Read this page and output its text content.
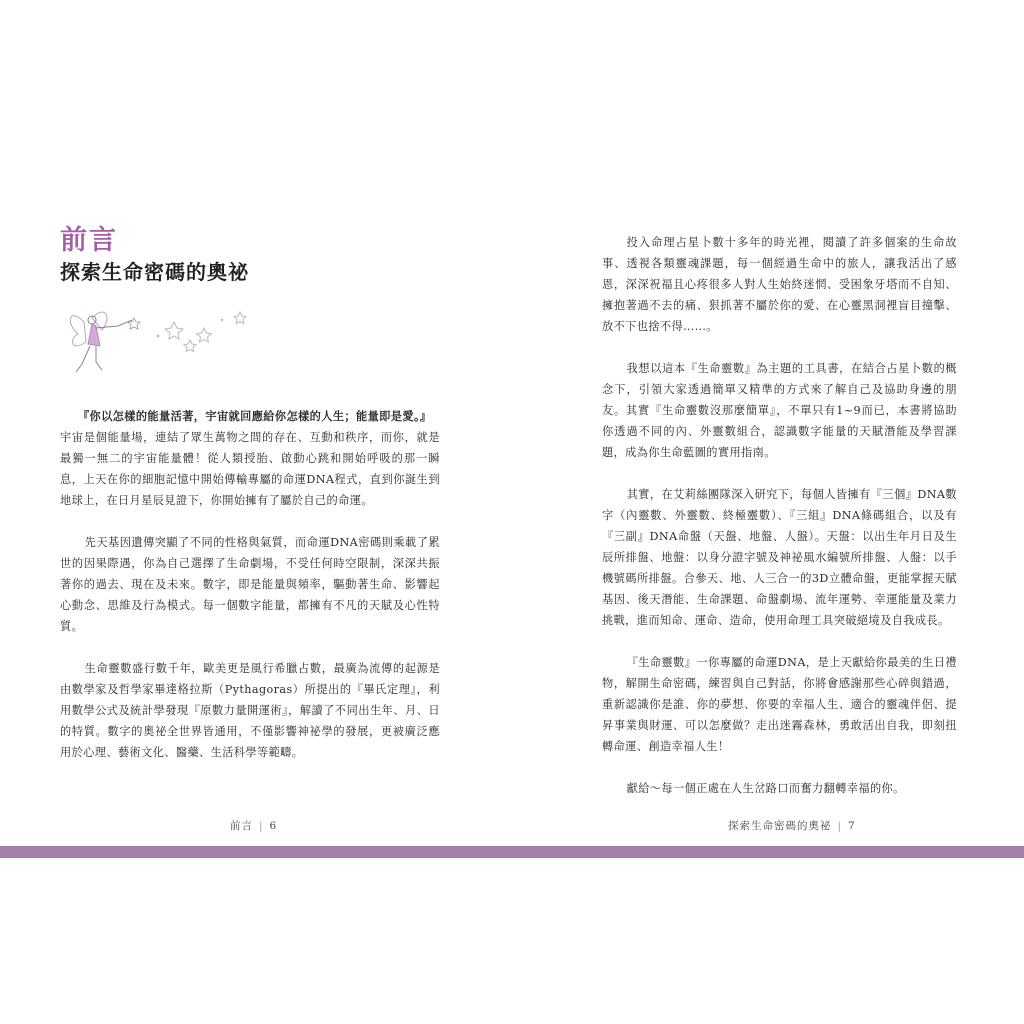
前言
探索生命密碼的奧祕

『你以怎樣的能量活著，宇宙就回應給你怎樣的人生；能量即是愛。』

宇宙是個能量場，連結了眾生萬物之間的存在、互動和秩序，而你，就是最獨一無二的宇宙能量體！從人類授胎、啟動心跳和開始呼吸的那一瞬息，上天在你的細胞記憶中開始傳輸專屬的命運DNA程式，直到你誕生到地球上，在日月星辰見證下，你開始擁有了屬於自己的命運。

先天基因遺傳突顯了不同的性格與氣質，而命運DNA密碼則乘載了累世的因果際遇，你為自己選擇了生命劇場，不受任何時空限制，深深共振著你的過去、現在及未來。數字，即是能量與頻率，驅動著生命、影響起心動念、思維及行為模式。每一個數字能量，都擁有不凡的天賦及心性特質。

生命靈數盛行數千年，歐美更是風行希臘占數，最廣為流傳的起源是由數學家及哲學家畢達格拉斯（Pythagoras）所提出的『畢氏定理』，利用數學公式及統計學發現『原數力量開運術』，解讀了不同出生年、月、日的特質。數字的奧祕全世界皆通用，不僅影響神祕學的發展，更被廣泛應用於心理、藝術文化、醫藥、生活科學等範疇。

前言 | 6

投入命理占星卜數十多年的時光裡，閱讀了許多個案的生命故事、透視各類靈魂課題，每一個經過生命中的旅人，讓我活出了感恩，深深祝福且心疼很多人對人生始終迷惘、受困象牙塔而不自知、擁抱著過不去的痛、狠抓著不屬於你的愛、在心靈黑洞裡盲目撞擊、放不下也捨不得……。

我想以這本『生命靈數』為主題的工具書，在結合占星卜數的概念下，引領大家透過簡單又精準的方式來了解自己及協助身邊的朋友。其實『生命靈數沒那麼簡單』，不單只有1~9而已，本書將協助你透過不同的內、外靈數組合，認識數字能量的天賦潛能及學習課題，成為你生命藍圖的實用指南。

其實，在艾莉絲團隊深入研究下，每個人皆擁有『三個』DNA數字（內靈數、外靈數、終極靈數）、『三組』DNA條碼組合，以及有『三副』DNA命盤（天盤、地盤、人盤）。天盤：以出生年月日及生辰所排盤、地盤：以身分證字號及神祕風水編號所排盤、人盤：以手機號碼所排盤。合參天、地、人三合一的3D立體命盤，更能掌握天賦基因、後天潛能、生命課題、命盤劇場、流年運勢、幸運能量及業力挑戰，進而知命、運命、造命，使用命理工具突破絕境及自我成長。

『生命靈數』一你專屬的命運DNA，是上天獻給你最美的生日禮物，解開生命密碼，練習與自己對話，你將會感謝那些心碎與錯過，重新認識你是誰、你的夢想、你要的幸福人生、適合的靈魂伴侶、提昇事業與財運、可以怎麼做？走出迷霧森林，勇敢活出自我，即刻扭轉命運、創造幸福人生！

獻給～每一個正處在人生岔路口而奮力翻轉幸福的你。

探索生命密碼的奧祕 | 7
